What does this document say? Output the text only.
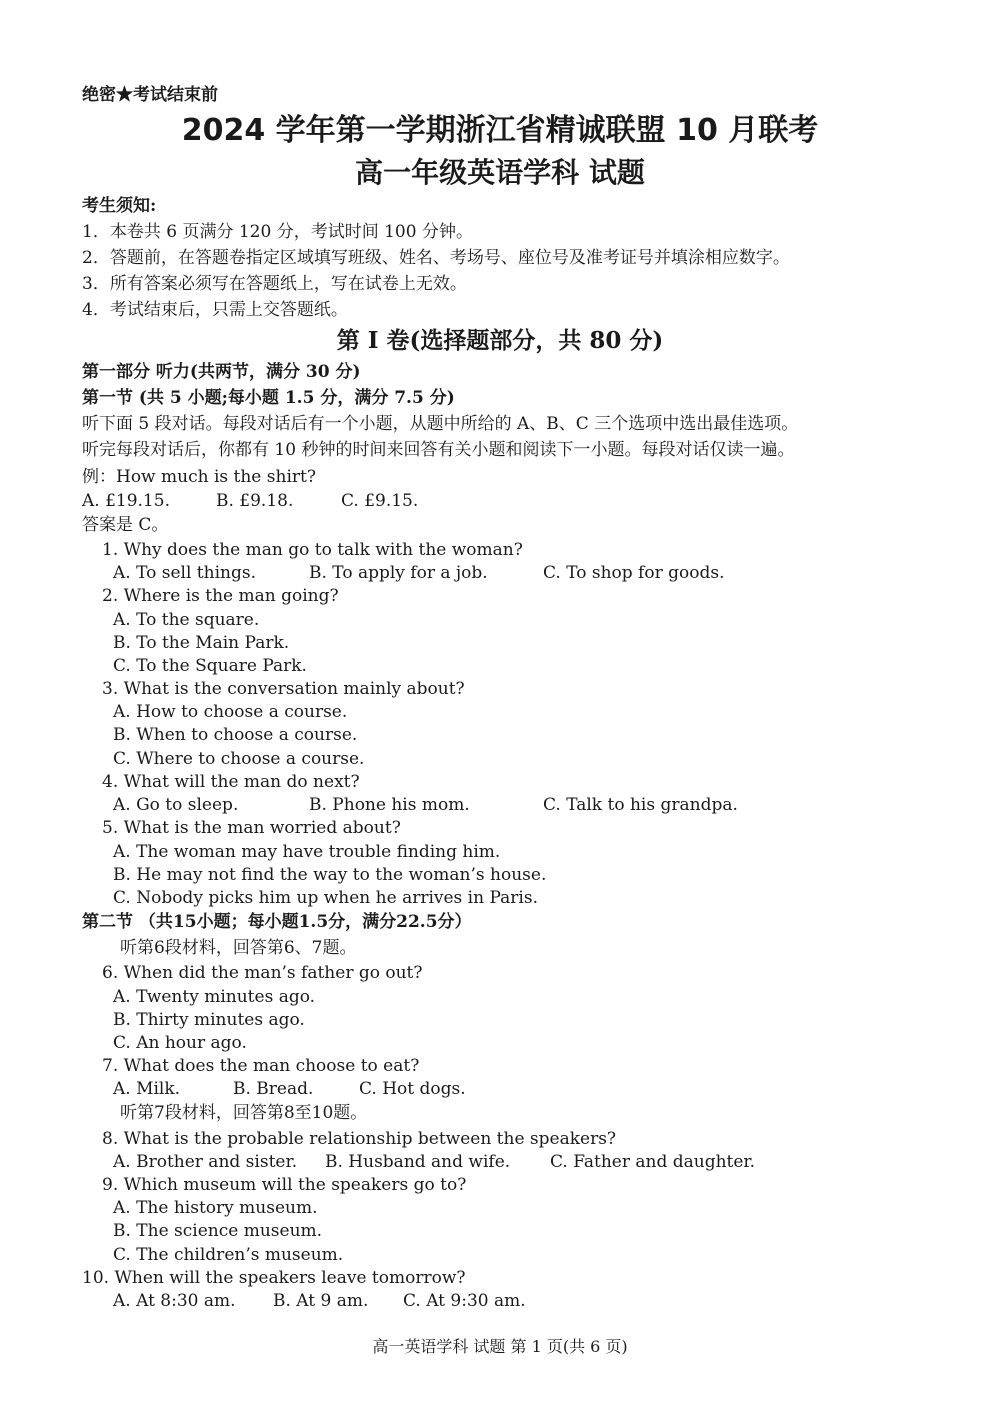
绝密★考试结束前
2024 学年第一学期浙江省精诚联盟 10 月联考
高一年级英语学科 试题
考生须知:
1．本卷共 6 页满分 120 分，考试时间 100 分钟。
2．答题前，在答题卷指定区域填写班级、姓名、考场号、座位号及准考证号并填涂相应数字。
3．所有答案必须写在答题纸上，写在试卷上无效。
4．考试结束后，只需上交答题纸。
第 I 卷(选择题部分，共 80 分)
第一部分 听力(共两节，满分 30 分)
第一节 (共 5 小题;每小题 1.5 分，满分 7.5 分)
听下面 5 段对话。每段对话后有一个小题，从题中所给的 A、B、C 三个选项中选出最佳选项。
听完每段对话后，你都有 10 秒钟的时间来回答有关小题和阅读下一小题。每段对话仅读一遍。
例：How much is the shirt?
A. £19.15.	B. £9.18.	C. £9.15.
答案是 C。
1. Why does the man go to talk with the woman?
A. To sell things.	B. To apply for a job.	C. To shop for goods.
2. Where is the man going?
A. To the square.
B. To the Main Park.
C. To the Square Park.
3. What is the conversation mainly about?
A. How to choose a course.
B. When to choose a course.
C. Where to choose a course.
4. What will the man do next?
A. Go to sleep.	B. Phone his mom.	C. Talk to his grandpa.
5. What is the man worried about?
A. The woman may have trouble finding him.
B. He may not find the way to the woman’s house.
C. Nobody picks him up when he arrives in Paris.
第二节 （共15小题；每小题1.5分，满分22.5分）
听第6段材料，回答第6、7题。
6. When did the man’s father go out?
A. Twenty minutes ago.
B. Thirty minutes ago.
C. An hour ago.
7. What does the man choose to eat?
A. Milk.	B. Bread.	C. Hot dogs.
听第7段材料，回答第8至10题。
8. What is the probable relationship between the speakers?
A. Brother and sister. B. Husband and wife. C. Father and daughter.
9. Which museum will the speakers go to?
A. The history museum.
B. The science museum.
C. The children’s museum.
10. When will the speakers leave tomorrow?
A. At 8:30 am. B. At 9 am. C. At 9:30 am.
高一英语学科 试题 第 1 页(共 6 页)
